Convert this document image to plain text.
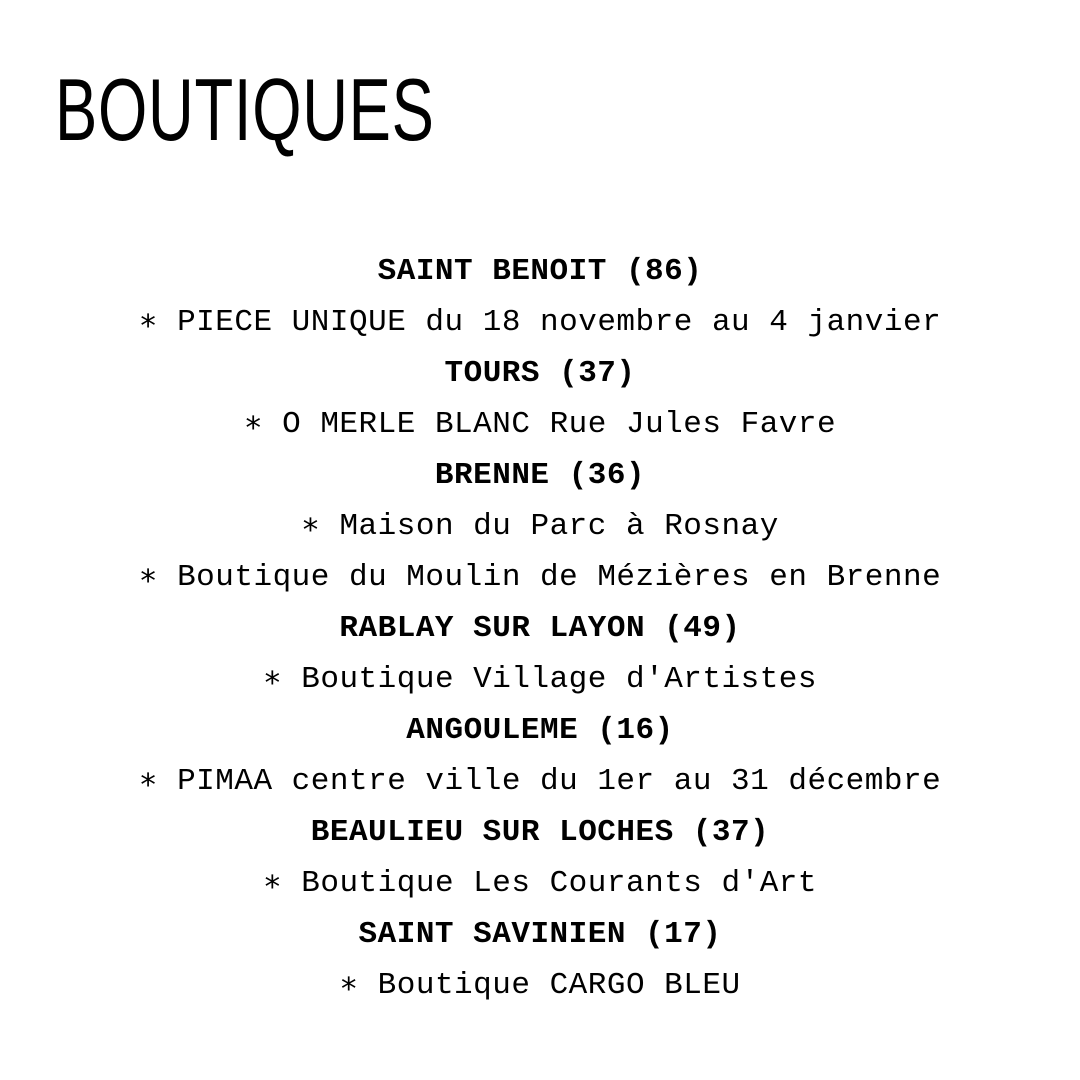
BOUTIQUES
SAINT BENOIT (86)
∗ PIECE UNIQUE du 18 novembre au 4 janvier
TOURS (37)
∗ O MERLE BLANC Rue Jules Favre
BRENNE (36)
∗ Maison du Parc à Rosnay
∗ Boutique du Moulin de Mézières en Brenne
RABLAY SUR LAYON (49)
∗ Boutique Village d'Artistes
ANGOULEME (16)
∗ PIMAA centre ville du 1er au 31 décembre
BEAULIEU SUR LOCHES (37)
∗ Boutique Les Courants d'Art
SAINT SAVINIEN (17)
∗ Boutique CARGO BLEU
